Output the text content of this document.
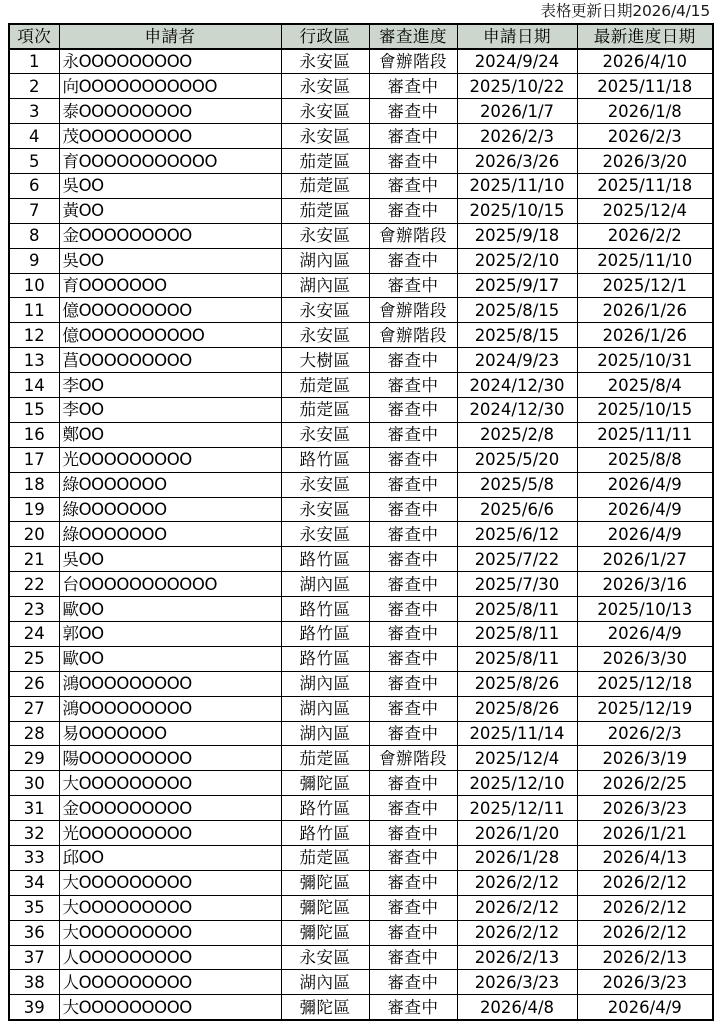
表格更新日期2026/4/15
項次	申請者	行政區	審查進度	申請日期	最新進度日期
1	永OOOOOOOOO	永安區	會辦階段	2024/9/24	2026/4/10
2	向OOOOOOOOOOO	永安區	審查中	2025/10/22	2025/11/18
3	泰OOOOOOOOO	永安區	審查中	2026/1/7	2026/1/8
4	茂OOOOOOOOO	永安區	審查中	2026/2/3	2026/2/3
5	育OOOOOOOOOOO	茄萣區	審查中	2026/3/26	2026/3/20
6	吳OO	茄萣區	審查中	2025/11/10	2025/11/18
7	黃OO	茄萣區	審查中	2025/10/15	2025/12/4
8	金OOOOOOOOO	永安區	會辦階段	2025/9/18	2026/2/2
9	吳OO	湖內區	審查中	2025/2/10	2025/11/10
10	育OOOOOOO	湖內區	審查中	2025/9/17	2025/12/1
11	億OOOOOOOOO	永安區	會辦階段	2025/8/15	2026/1/26
12	億OOOOOOOOOO	永安區	會辦階段	2025/8/15	2026/1/26
13	菖OOOOOOOOO	大樹區	審查中	2024/9/23	2025/10/31
14	李OO	茄萣區	審查中	2024/12/30	2025/8/4
15	李OO	茄萣區	審查中	2024/12/30	2025/10/15
16	鄭OO	永安區	審查中	2025/2/8	2025/11/11
17	光OOOOOOOOO	路竹區	審查中	2025/5/20	2025/8/8
18	綠OOOOOOO	永安區	審查中	2025/5/8	2026/4/9
19	綠OOOOOOO	永安區	審查中	2025/6/6	2026/4/9
20	綠OOOOOOO	永安區	審查中	2025/6/12	2026/4/9
21	吳OO	路竹區	審查中	2025/7/22	2026/1/27
22	台OOOOOOOOOOO	湖內區	審查中	2025/7/30	2026/3/16
23	歐OO	路竹區	審查中	2025/8/11	2025/10/13
24	郭OO	路竹區	審查中	2025/8/11	2026/4/9
25	歐OO	路竹區	審查中	2025/8/11	2026/3/30
26	鴻OOOOOOOOO	湖內區	審查中	2025/8/26	2025/12/18
27	鴻OOOOOOOOO	湖內區	審查中	2025/8/26	2025/12/19
28	易OOOOOOO	湖內區	審查中	2025/11/14	2026/2/3
29	陽OOOOOOOOO	茄萣區	會辦階段	2025/12/4	2026/3/19
30	大OOOOOOOOO	彌陀區	審查中	2025/12/10	2026/2/25
31	金OOOOOOOOO	路竹區	審查中	2025/12/11	2026/3/23
32	光OOOOOOOOO	路竹區	審查中	2026/1/20	2026/1/21
33	邱OO	茄萣區	審查中	2026/1/28	2026/4/13
34	大OOOOOOOOO	彌陀區	審查中	2026/2/12	2026/2/12
35	大OOOOOOOOO	彌陀區	審查中	2026/2/12	2026/2/12
36	大OOOOOOOOO	彌陀區	審查中	2026/2/12	2026/2/12
37	人OOOOOOOOO	永安區	審查中	2026/2/13	2026/2/13
38	人OOOOOOOOO	湖內區	審查中	2026/3/23	2026/3/23
39	大OOOOOOOOO	彌陀區	審查中	2026/4/8	2026/4/9
